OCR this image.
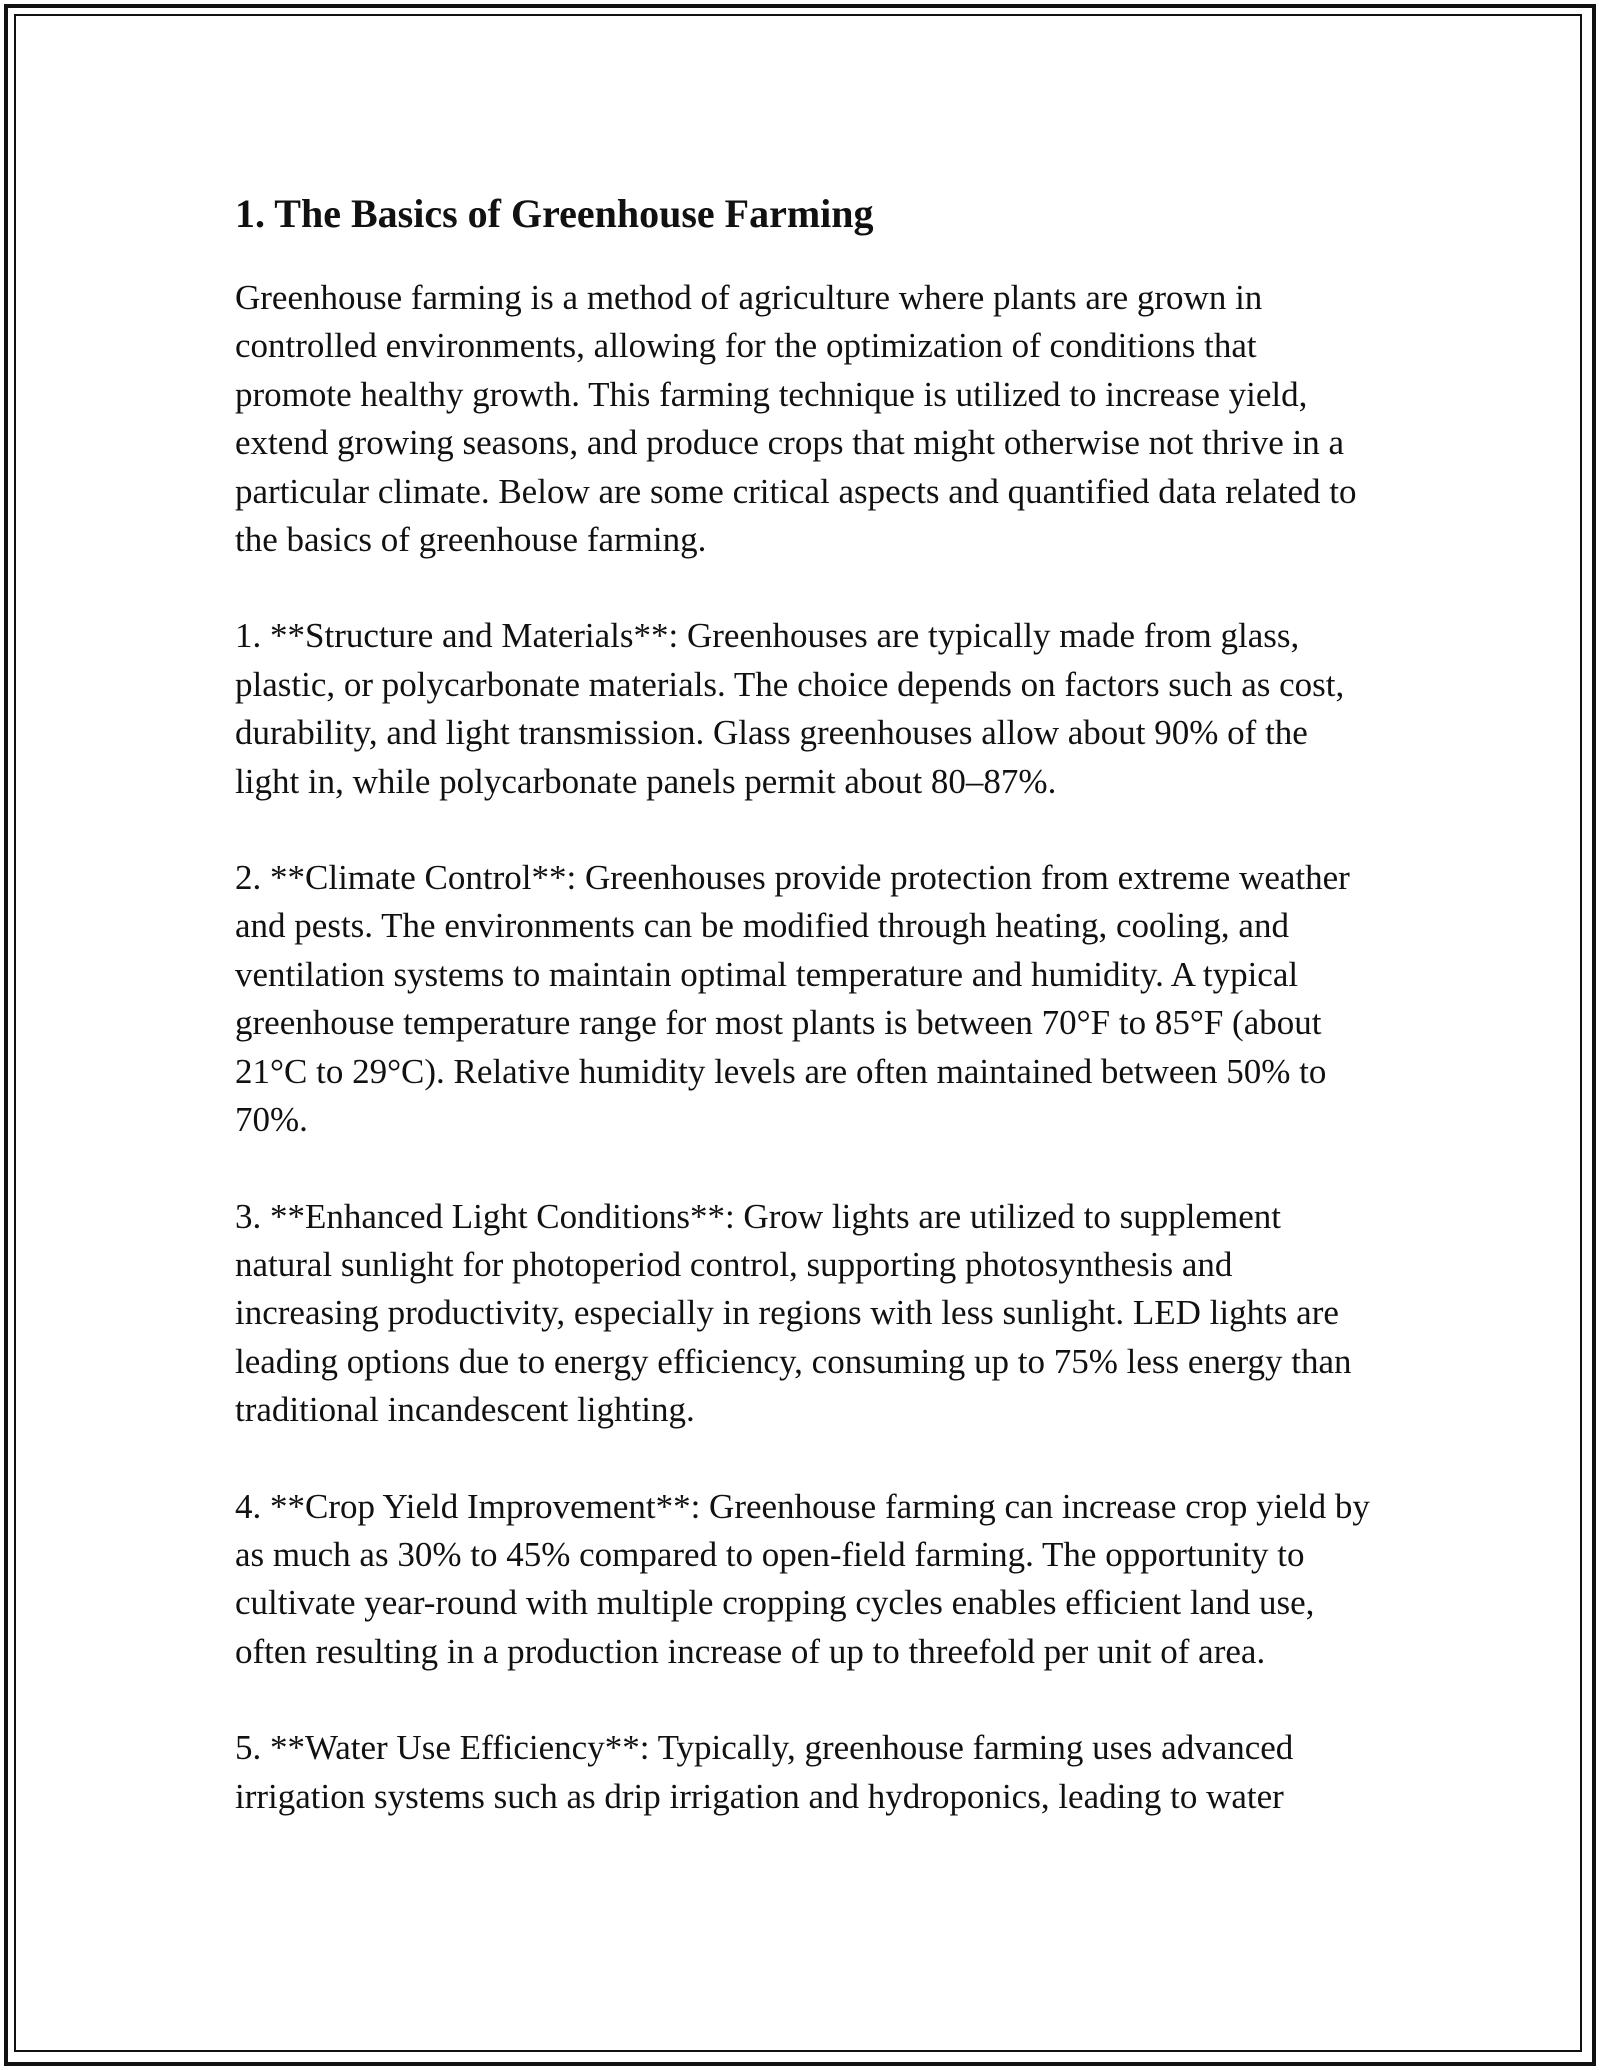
1. The Basics of Greenhouse Farming

Greenhouse farming is a method of agriculture where plants are grown in controlled environments, allowing for the optimization of conditions that promote healthy growth. This farming technique is utilized to increase yield, extend growing seasons, and produce crops that might otherwise not thrive in a particular climate. Below are some critical aspects and quantified data related to the basics of greenhouse farming.

1. **Structure and Materials**: Greenhouses are typically made from glass, plastic, or polycarbonate materials. The choice depends on factors such as cost, durability, and light transmission. Glass greenhouses allow about 90% of the light in, while polycarbonate panels permit about 80–87%.

2. **Climate Control**: Greenhouses provide protection from extreme weather and pests. The environments can be modified through heating, cooling, and ventilation systems to maintain optimal temperature and humidity. A typical greenhouse temperature range for most plants is between 70°F to 85°F (about 21°C to 29°C). Relative humidity levels are often maintained between 50% to 70%.

3. **Enhanced Light Conditions**: Grow lights are utilized to supplement natural sunlight for photoperiod control, supporting photosynthesis and increasing productivity, especially in regions with less sunlight. LED lights are leading options due to energy efficiency, consuming up to 75% less energy than traditional incandescent lighting.

4. **Crop Yield Improvement**: Greenhouse farming can increase crop yield by as much as 30% to 45% compared to open-field farming. The opportunity to cultivate year-round with multiple cropping cycles enables efficient land use, often resulting in a production increase of up to threefold per unit of area.

5. **Water Use Efficiency**: Typically, greenhouse farming uses advanced irrigation systems such as drip irrigation and hydroponics, leading to water
